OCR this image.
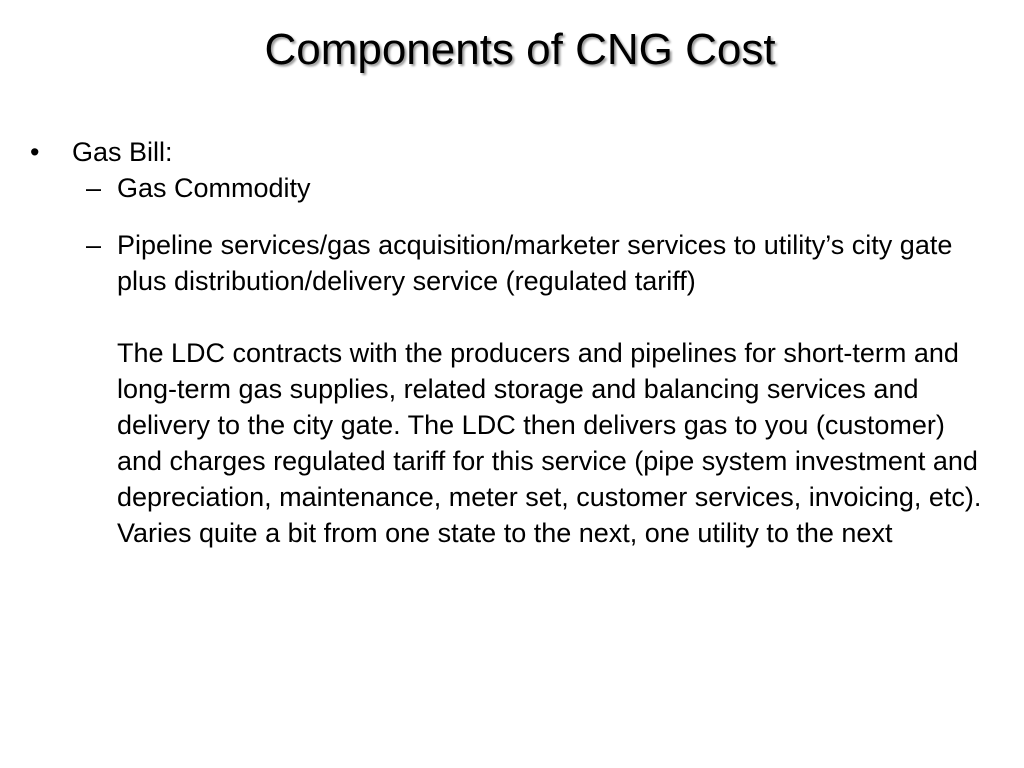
Components of CNG Cost
• Gas Bill:
– Gas Commodity

– Pipeline services/gas acquisition/marketer services to utility’s city gate plus distribution/delivery service (regulated tariff)

The LDC contracts with the producers and pipelines for short-term and long-term gas supplies, related storage and balancing services and delivery to the city gate. The LDC then delivers gas to you (customer) and charges regulated tariff for this service (pipe system investment and depreciation, maintenance, meter set, customer services, invoicing, etc). Varies quite a bit from one state to the next, one utility to the next
